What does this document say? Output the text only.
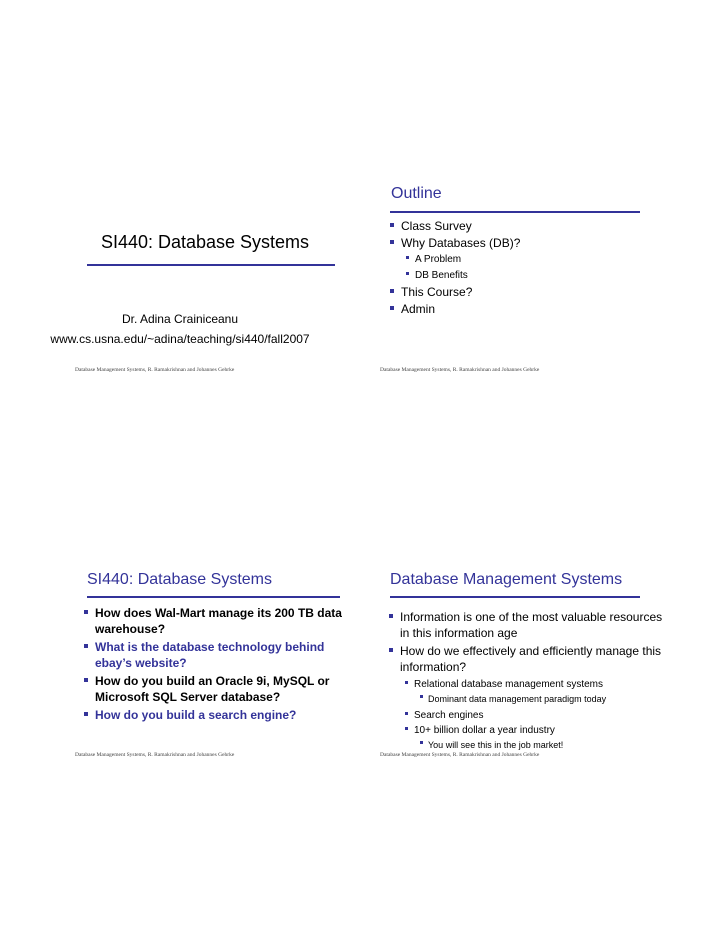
SI440: Database Systems
Dr. Adina Crainiceanu
www.cs.usna.edu/~adina/teaching/si440/fall2007
Database Management Systems, R. Ramakrishnan and Johannes Gehrke
Outline
Class Survey
Why Databases (DB)?
A Problem
DB Benefits
This Course?
Admin
Database Management Systems, R. Ramakrishnan and Johannes Gehrke
SI440: Database Systems
How does Wal-Mart manage its 200 TB data warehouse?
What is the database technology behind ebay’s website?
How do you build an Oracle 9i, MySQL or Microsoft SQL Server database?
How do you build a search engine?
Database Management Systems, R. Ramakrishnan and Johannes Gehrke
Database Management Systems
Information is one of the most valuable resources in this information age
How do we effectively and efficiently manage this information?
Relational database management systems
Dominant data management paradigm today
Search engines
10+ billion dollar a year industry
You will see this in the job market!
Database Management Systems, R. Ramakrishnan and Johannes Gehrke
